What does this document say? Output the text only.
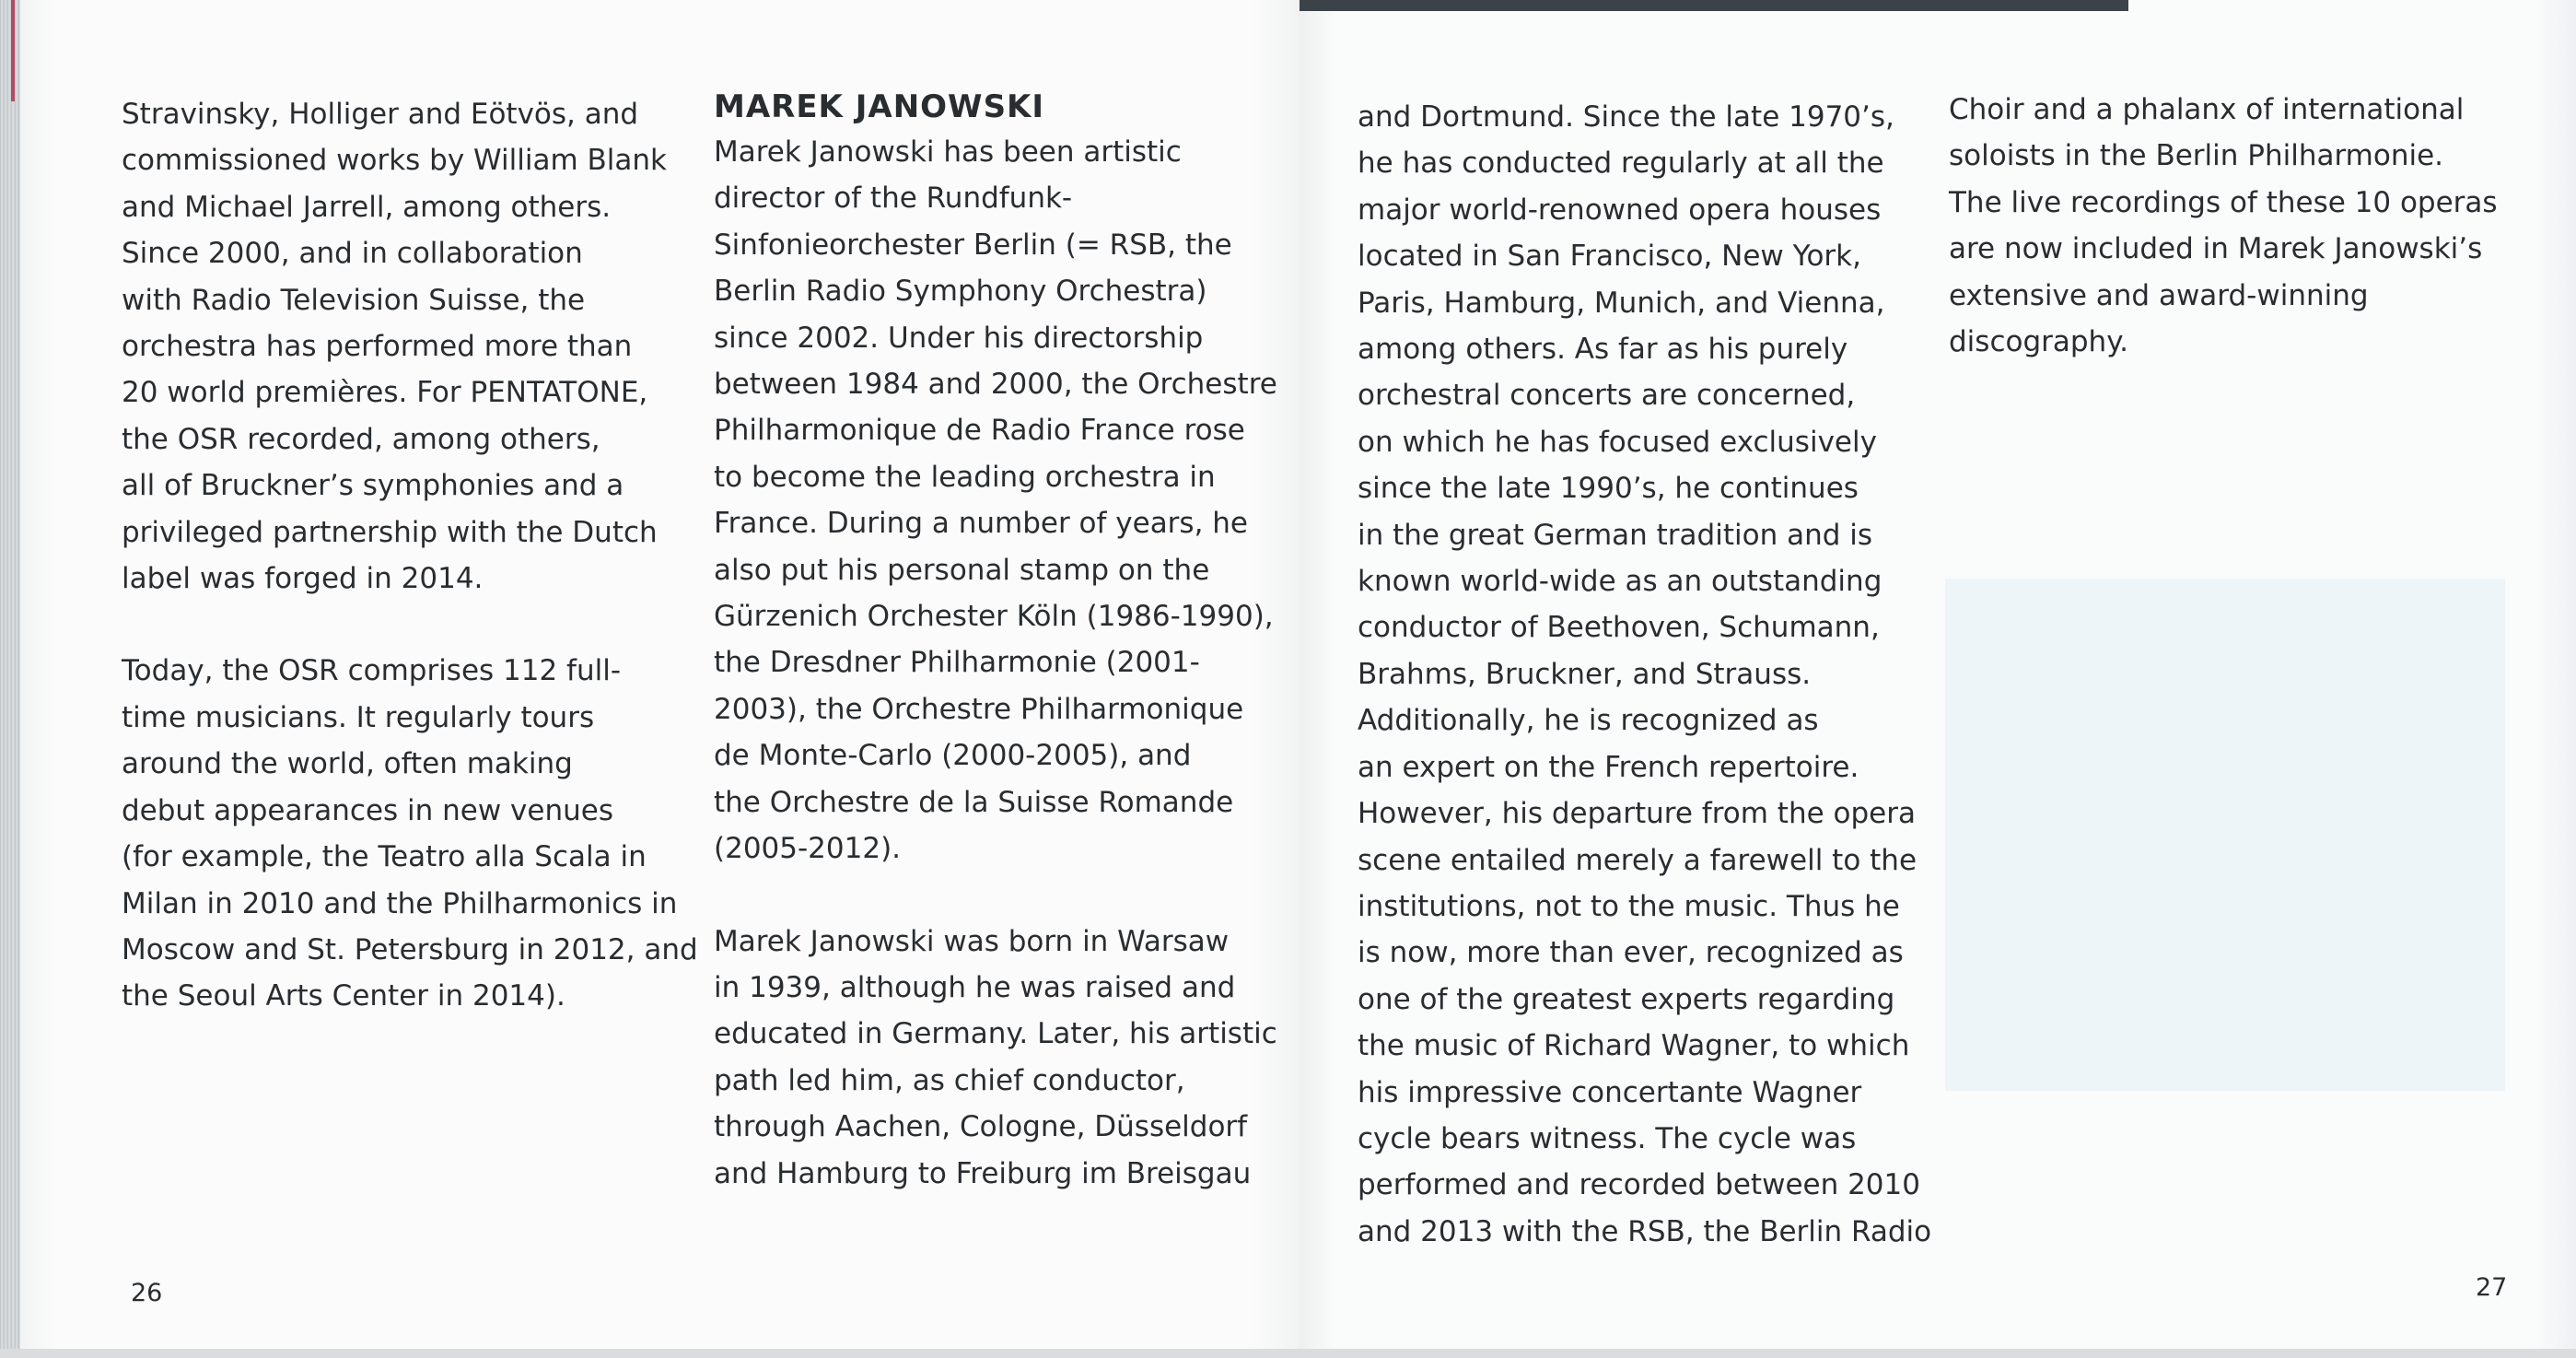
Stravinsky, Holliger and Eötvös, and
commissioned works by William Blank
and Michael Jarrell, among others.
Since 2000, and in collaboration
with Radio Television Suisse, the
orchestra has performed more than
20 world premières. For PENTATONE,
the OSR recorded, among others,
all of Bruckner’s symphonies and a
privileged partnership with the Dutch
label was forged in 2014.

Today, the OSR comprises 112 full-
time musicians. It regularly tours
around the world, often making
debut appearances in new venues
(for example, the Teatro alla Scala in
Milan in 2010 and the Philharmonics in
Moscow and St. Petersburg in 2012, and
the Seoul Arts Center in 2014).

MAREK JANOWSKI

Marek Janowski has been artistic
director of the Rundfunk-
Sinfonieorchester Berlin (= RSB, the
Berlin Radio Symphony Orchestra)
since 2002. Under his directorship
between 1984 and 2000, the Orchestre
Philharmonique de Radio France rose
to become the leading orchestra in
France. During a number of years, he
also put his personal stamp on the
Gürzenich Orchester Köln (1986-1990),
the Dresdner Philharmonie (2001-
2003), the Orchestre Philharmonique
de Monte-Carlo (2000-2005), and
the Orchestre de la Suisse Romande
(2005-2012).

Marek Janowski was born in Warsaw
in 1939, although he was raised and
educated in Germany. Later, his artistic
path led him, as chief conductor,
through Aachen, Cologne, Düsseldorf
and Hamburg to Freiburg im Breisgau

and Dortmund. Since the late 1970’s,
he has conducted regularly at all the
major world-renowned opera houses
located in San Francisco, New York,
Paris, Hamburg, Munich, and Vienna,
among others. As far as his purely
orchestral concerts are concerned,
on which he has focused exclusively
since the late 1990’s, he continues
in the great German tradition and is
known world-wide as an outstanding
conductor of Beethoven, Schumann,
Brahms, Bruckner, and Strauss.
Additionally, he is recognized as
an expert on the French repertoire.
However, his departure from the opera
scene entailed merely a farewell to the
institutions, not to the music. Thus he
is now, more than ever, recognized as
one of the greatest experts regarding
the music of Richard Wagner, to which
his impressive concertante Wagner
cycle bears witness. The cycle was
performed and recorded between 2010
and 2013 with the RSB, the Berlin Radio

Choir and a phalanx of international
soloists in the Berlin Philharmonie.
The live recordings of these 10 operas
are now included in Marek Janowski’s
extensive and award-winning
discography.

26	27
